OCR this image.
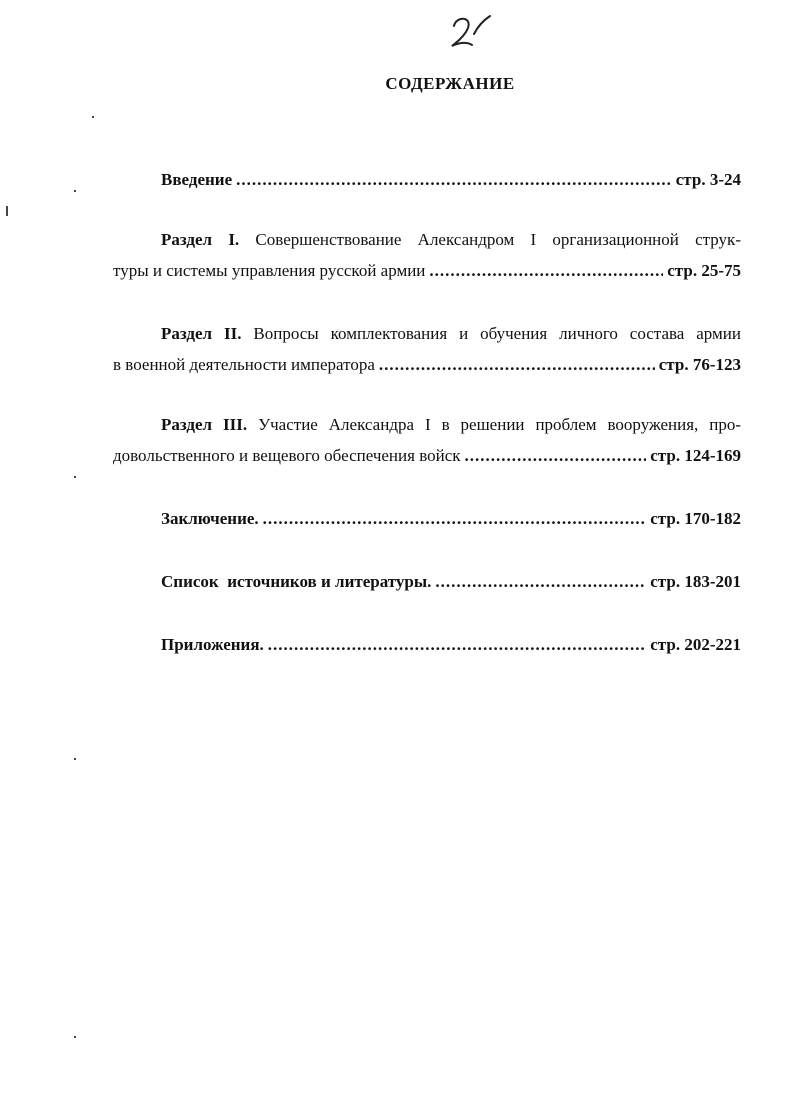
СОДЕРЖАНИЕ
Введение .....	стр. 3-24
Раздел I. Совершенствование Александром I организационной струк-
туры и системы управления русской армии .....	стр. 25-75
Раздел II. Вопросы комплектования и обучения личного состава армии
в военной деятельности императора .....	стр. 76-123
Раздел III. Участие Александра I в решении проблем вооружения, про-
довольственного и вещевого обеспечения войск .....	стр. 124-169
Заключение. .....	стр. 170-182
Список  источников и литературы. .....	стр. 183-201
Приложения. .....	стр. 202-221
